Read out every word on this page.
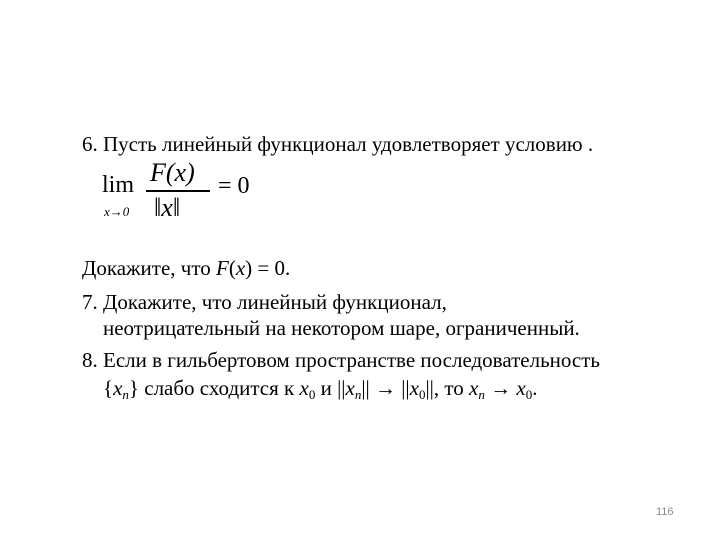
6. Пусть линейный функционал удовлетворяет условию .
lim
x→0
F(x)
‖x‖
= 0
Докажите, что F(x) = 0.
7. Докажите, что линейный функционал,
неотрицательный на некотором шаре, ограниченный.
8. Если в гильбертовом пространстве последовательность
$\{x_n\}$ слабо сходится к $x_0$ и $||x_n|| \to ||x_0||$, то $x_n \to x_0$.
116
